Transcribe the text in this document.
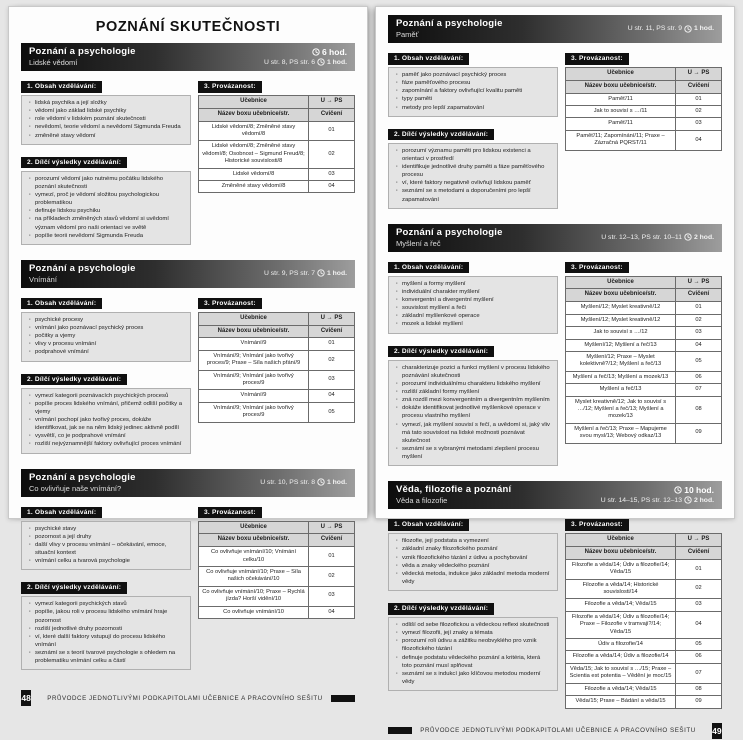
POZNÁNÍ SKUTEČNOSTI
Poznání a psychologie
Lidské vědomí
6 hod.
U str. 8, PS str. 6 1 hod.
1. Obsah vzdělávání:
· lidská psychika a její složky
· vědomí jako základ lidské psychiky
· role vědomí v lidském poznání skutečnosti
· nevědomí, teorie vědomí a nevědomí Sigmunda Freuda
· změněné stavy vědomí
2. Dílčí výsledky vzdělávání:
· porozumí vědomí jako nutnému počátku lidského poznání skutečnosti
· vymezí, proč je vědomí složitou psychologickou problematikou
· definuje lidskou psychiku
· na příkladech změněných stavů vědomí si uvědomí význam vědomí pro naši orientaci ve světě
· popíše teorii nevědomí Sigmunda Freuda
3. Provázanost:
Učebnice	U → PS
Název boxu učebnice/str.	Cvičení
Lidské vědomí/8; Změněné stavy vědomí/8	01
Lidské vědomí/8; Změněné stavy vědomí/8; Osobnost – Sigmund Freud/8; Historické souvislosti/8	02
Lidské vědomí/8	03
Změněné stavy vědomí/8	04
Poznání a psychologie
Vnímání
U str. 9, PS str. 7 1 hod.
1. Obsah vzdělávání:
· psychické procesy
· vnímání jako poznávací psychický proces
· počitky a vjemy
· vlivy v procesu vnímání
· podprahové vnímání
2. Dílčí výsledky vzdělávání:
· vymezí kategorii poznávacích psychických procesů
· popíše proces lidského vnímání, přičemž odliší počitky a vjemy
· vnímání pochopí jako tvořivý proces, dokáže identifikovat, jak se na něm lidský jedinec aktivně podílí
· vysvětlí, co je podprahové vnímání
· rozliší nejvýznamnější faktory ovlivňující proces vnímání
3. Provázanost:
Učebnice	U → PS
Název boxu učebnice/str.	Cvičení
Vnímání/9	01
Vnímání/9; Vnímání jako tvořivý proces/9; Praxe – Síla našich přání/9	02
Vnímání/9; Vnímání jako tvořivý proces/9	03
Vnímání/9	04
Vnímání/9; Vnímání jako tvořivý proces/9	05
Poznání a psychologie
Co ovlivňuje naše vnímání?
U str. 10, PS str. 8 1 hod.
1. Obsah vzdělávání:
· psychické stavy
· pozornost a její druhy
· další vlivy v procesu vnímání – očekávání, emoce, situační kontext
· vnímání celku a tvarová psychologie
2. Dílčí výsledky vzdělávání:
· vymezí kategorii psychických stavů
· popíše, jakou roli v procesu lidského vnímání hraje pozornost
· rozliší jednotlivé druhy pozornosti
· ví, které další faktory vstupují do procesu lidského vnímání
· seznámí se s teorií tvarové psychologie s ohledem na problematiku vnímání celku a částí
3. Provázanost:
Učebnice	U → PS
Název boxu učebnice/str.	Cvičení
Co ovlivňuje vnímání/10; Vnímání celku/10	01
Co ovlivňuje vnímání/10; Praxe – Síla našich očekávání/10	02
Co ovlivňuje vnímání/10; Praxe – Rychlá jízda? Horší vidění/10	03
Co ovlivňuje vnímání/10	04
48	PRŮVODCE JEDNOTLIVÝMI PODKAPITOLAMI UČEBNICE A PRACOVNÍHO SEŠITU
Poznání a psychologie
Paměť
U str. 11, PS str. 9 1 hod.
1. Obsah vzdělávání:
· paměť jako poznávací psychický proces
· fáze paměťového procesu
· zapomínání a faktory ovlivňující kvalitu paměti
· typy paměti
· metody pro lepší zapamatování
2. Dílčí výsledky vzdělávání:
· porozumí významu paměti pro lidskou existenci a orientaci v prostředí
· identifikuje jednotlivé druhy paměti a fáze paměťového procesu
· ví, které faktory negativně ovlivňují lidskou paměť
· seznámí se s metodami a doporučeními pro lepší zapamatování
3. Provázanost:
Učebnice	U → PS
Název boxu učebnice/str.	Cvičení
Paměť/11	01
Jak to souvisí s …/11	02
Paměť/11	03
Paměť/11; Zapomínání/11; Praxe – Zázračná PQRST/11	04
Poznání a psychologie
Myšlení a řeč
U str. 12–13, PS str. 10–11 2 hod.
1. Obsah vzdělávání:
· myšlení a formy myšlení
· individuální charakter myšlení
· konvergentní a divergentní myšlení
· souvislost myšlení a řeči
· základní myšlenkové operace
· mozek a lidské myšlení
2. Dílčí výsledky vzdělávání:
· charakterizuje pozici a funkci myšlení v procesu lidského poznávání skutečnosti
· porozumí individuálnímu charakteru lidského myšlení
· rozliší základní formy myšlení
· zná rozdíl mezi konvergentním a divergentním myšlením
· dokáže identifikovat jednotlivé myšlenkové operace v procesu vlastního myšlení
· vymezí, jak myšlení souvisí s řečí, a uvědomí si, jaký vliv má tato souvislost na lidské možnosti poznávat skutečnost
· seznámí se s vybranými metodami zlepšení procesu myšlení
3. Provázanost:
Učebnice	U → PS
Název boxu učebnice/str.	Cvičení
Myšlení/12; Myslet kreativně/12	01
Myšlení/12; Myslet kreativně/12	02
Jak to souvisí s …/12	03
Myšlení/12; Myšlení a řeč/13	04
Myšlení/12; Praxe – Myslet kolektivně?/12; Myšlení a řeč/13	05
Myšlení a řeč/13; Myšlení a mozek/13	06
Myšlení a řeč/13	07
Myslet kreativně/12; Jak to souvisí s …/12; Myšlení a řeč/13; Myšlení a mozek/13	08
Myšlení a řeč/13; Praxe – Mapujeme svou mysl/13; Webový odkaz/13	09
Věda, filozofie a poznání
Věda a filozofie
10 hod.
U str. 14–15, PS str. 12–13 2 hod.
1. Obsah vzdělávání:
· filozofie, její podstata a vymezení
· základní znaky filozofického poznání
· vznik filozofického tázání z údivu a pochybování
· věda a znaky vědeckého poznání
· vědecká metoda, indukce jako základní metoda moderní vědy
2. Dílčí výsledky vzdělávání:
· odliší od sebe filozofickou a vědeckou reflexi skutečnosti
· vymezí filozofii, její znaky a témata
· porozumí roli údivu a zážitku neobvyklého pro vznik filozofického tázání
· definuje podstatu vědeckého poznání a kritéria, která toto poznání musí splňovat
· seznámí se s indukcí jako klíčovou metodou moderní vědy
3. Provázanost:
Učebnice	U → PS
Název boxu učebnice/str.	Cvičení
Filozofie a věda/14; Údiv a filozofie/14; Věda/15	01
Filozofie a věda/14; Historické souvislosti/14	02
Filozofie a věda/14; Věda/15	03
Filozofie a věda/14; Údiv a filozofie/14; Praxe – Filozofie v tramvaji?/14; Věda/15	04
Údiv a filozofie/14	05
Filozofie a věda/14; Údiv a filozofie/14	06
Věda/15; Jak to souvisí s …/15; Praxe – Scientia est potentia – Vědění je moc/15	07
Filozofie a věda/14; Věda/15	08
Věda/15; Praxe – Bádání a věda/15	09
PRŮVODCE JEDNOTLIVÝMI PODKAPITOLAMI UČEBNICE A PRACOVNÍHO SEŠITU 49
